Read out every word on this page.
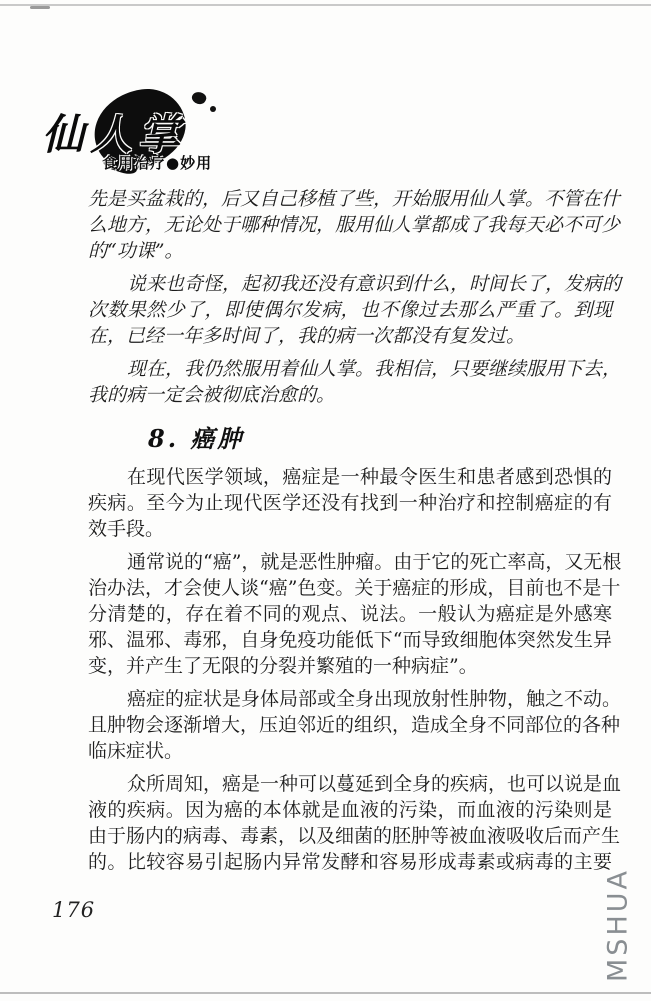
仙人掌
食用治疗●妙用
先是买盆栽的，后又自己移植了些，开始服用仙人掌。不管在什
么地方，无论处于哪种情况，服用仙人掌都成了我每天必不可少
的“功课”。
说来也奇怪，起初我还没有意识到什么，时间长了，发病的
次数果然少了，即使偶尔发病，也不像过去那么严重了。到现
在，已经一年多时间了，我的病一次都没有复发过。
现在，我仍然服用着仙人掌。我相信，只要继续服用下去，
我的病一定会被彻底治愈的。
8. 癌肿
在现代医学领域，癌症是一种最令医生和患者感到恐惧的
疾病。至今为止现代医学还没有找到一种治疗和控制癌症的有
效手段。
通常说的“癌”，就是恶性肿瘤。由于它的死亡率高，又无根
治办法，才会使人谈“癌”色变。关于癌症的形成，目前也不是十
分清楚的，存在着不同的观点、说法。一般认为癌症是外感寒
邪、温邪、毒邪，自身免疫功能低下“而导致细胞体突然发生异
变，并产生了无限的分裂并繁殖的一种病症”。
癌症的症状是身体局部或全身出现放射性肿物，触之不动。
且肿物会逐渐增大，压迫邻近的组织，造成全身不同部位的各种
临床症状。
众所周知，癌是一种可以蔓延到全身的疾病，也可以说是血
液的疾病。因为癌的本体就是血液的污染，而血液的污染则是
由于肠内的病毒、毒素，以及细菌的胚肿等被血液吸收后而产生
的。比较容易引起肠内异常发酵和容易形成毒素或病毒的主要
176	MSHUA
